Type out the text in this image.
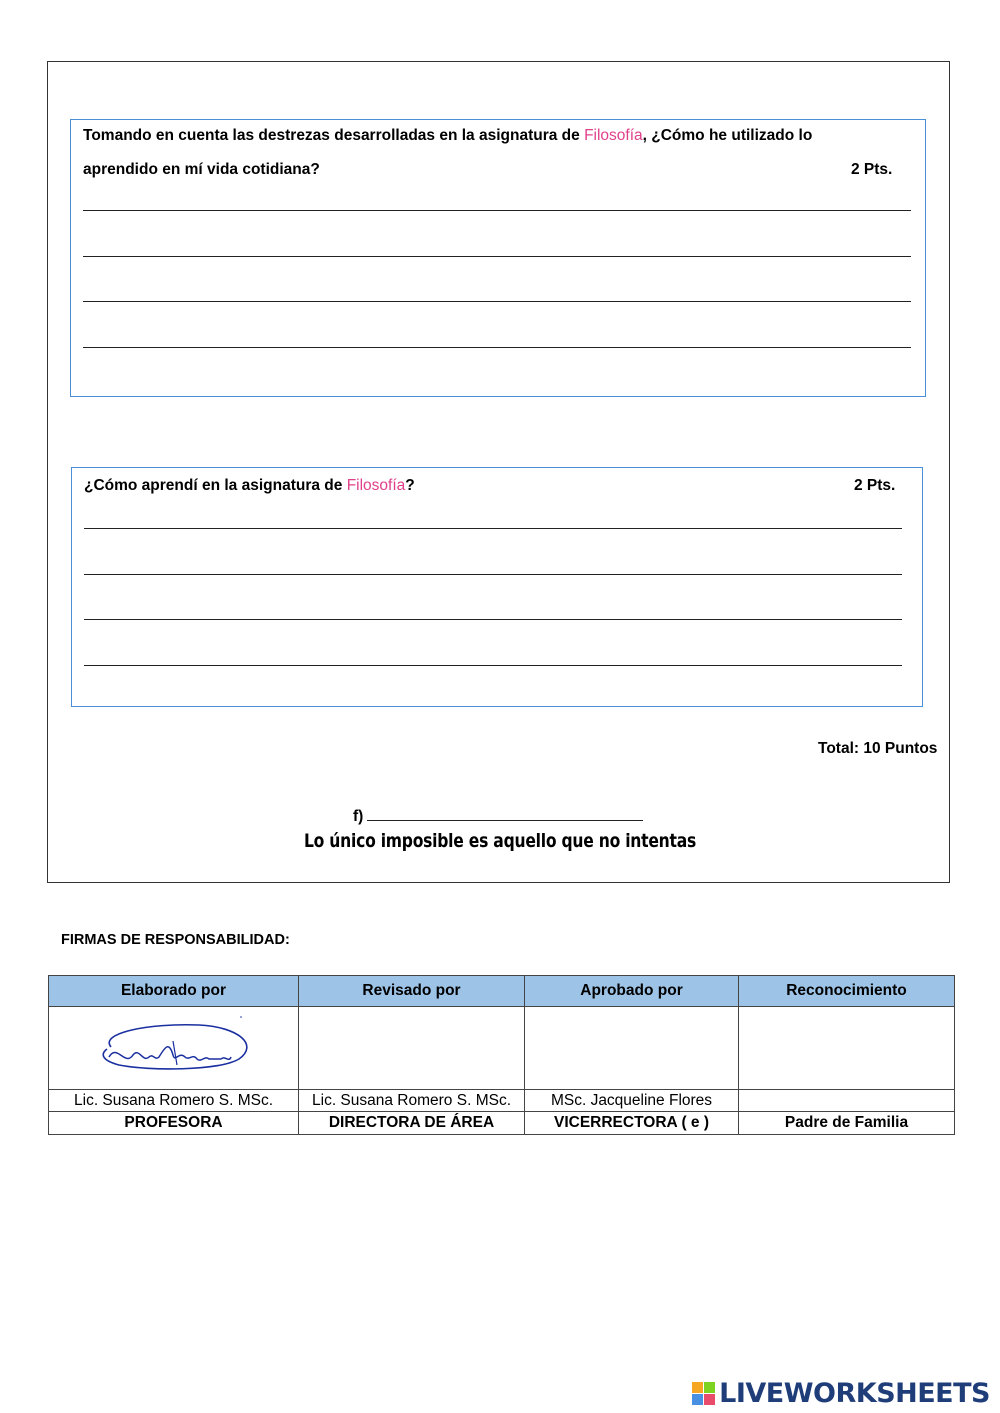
Tomando en cuenta las destrezas desarrolladas en la asignatura de Filosofía, ¿Cómo he utilizado lo
aprendido en mí vida cotidiana?	2 Pts.
¿Cómo aprendí en la asignatura de Filosofía?	2 Pts.
Total: 10 Puntos
f)
Lo único imposible es aquello que no intentas
FIRMAS DE RESPONSABILIDAD:
Elaborado por	Revisado por	Aprobado por	Reconocimiento

Lic. Susana Romero S. MSc.	Lic. Susana Romero S. MSc.	MSc. Jacqueline Flores	
PROFESORA	DIRECTORA DE ÁREA	VICERRECTORA ( e )	Padre de Familia
LIVEWORKSHEETS
